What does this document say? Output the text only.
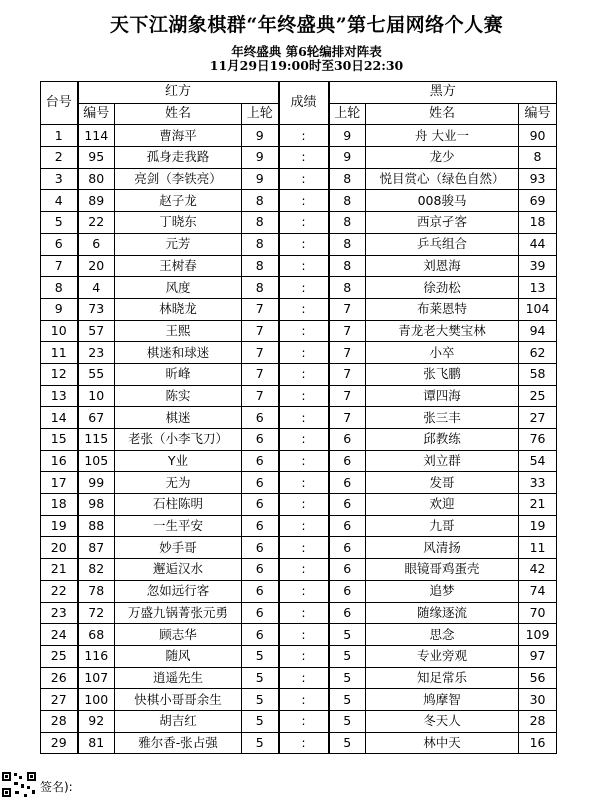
天下江湖象棋群“年终盛典”第七届网络个人赛
年终盛典 第6轮编排对阵表
11月29日19:00时至30日22:30
台号	红方			成绩	黑方		
	编号	姓名	上轮		上轮	姓名	编号
1	114	曹海平	9	:	9	舟 大业一	90
2	95	孤身走我路	9	:	9	龙少	8
3	80	亮剑（李铁亮）	9	:	8	悦目赏心（绿色自然）	93
4	89	赵子龙	8	:	8	008骏马	69
5	22	丁晓东	8	:	8	西京孑客	18
6	6	元芳	8	:	8	乒乓组合	44
7	20	王树春	8	:	8	刘恩海	39
8	4	风度	8	:	8	徐劲松	13
9	73	林晓龙	7	:	7	布莱恩特	104
10	57	王熙	7	:	7	青龙老大樊宝林	94
11	23	棋迷和球迷	7	:	7	小卒	62
12	55	昕峰	7	:	7	张飞鹏	58
13	10	陈实	7	:	7	谭四海	25
14	67	棋迷	6	:	7	张三丰	27
15	115	老张（小李飞刀）	6	:	6	邱教练	76
16	105	Y业	6	:	6	刘立群	54
17	99	无为	6	:	6	发哥	33
18	98	石柱陈明	6	:	6	欢迎	21
19	88	一生平安	6	:	6	九哥	19
20	87	妙手哥	6	:	6	风清扬	11
21	82	邂逅汉水	6	:	6	眼镜哥鸡蛋壳	42
22	78	忽如远行客	6	:	6	追梦	74
23	72	万盛九锅菁张元勇	6	:	6	随缘逐流	70
24	68	顾志华	6	:	5	思念	109
25	116	随风	5	:	5	专业旁观	97
26	107	逍遥先生	5	:	5	知足常乐	56
27	100	快棋小哥哥余生	5	:	5	鸠摩智	30
28	92	胡吉红	5	:	5	冬天人	28
29	81	雅尔香-张占强	5	:	5	林中天	16
签名):
